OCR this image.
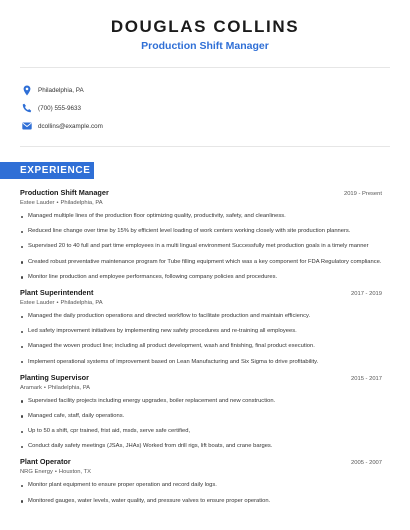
DOUGLAS COLLINS
Production Shift Manager
Philadelphia, PA
(700) 555-9633
dcollins@example.com
EXPERIENCE
Production Shift Manager	2019 - Present
Estee Lauder • Philadelphia, PA
Managed multiple lines of the production floor optimizing quality, productivity, safety, and cleanliness.
Reduced line change over time by 15% by efficient level loading of work centers working closely with site production planners.
Supervised 20 to 40 full and part time employees in a multi lingual environment Successfully met production goals in a timely manner
Created robust preventative maintenance program for Tube filling equipment which was a key component for FDA Regulatory compliance.
Monitor line production and employee performances, following company policies and procedures.
Plant Superintendent	2017 - 2019
Estee Lauder • Philadelphia, PA
Managed the daily production operations and directed workflow to facilitate production and maintain efficiency.
Led safety improvement initiatives by implementing new safety procedures and re-training all employees.
Managed the woven product line; including all product development, wash and finishing, final product execution.
Implement operational systems of improvement based on Lean Manufacturing and Six Sigma to drive profitability.
Planting Supervisor	2015 - 2017
Aramark • Philadelphia, PA
Supervised facility projects including energy upgrades, boiler replacement and new construction.
Managed cafe, staff, daily operations.
Up to 50 a shift, cpr trained, frist aid, msds, serve safe certified,
Conduct daily safety meetings (JSAs, JHAs) Worked from drill rigs, lift boats, and crane barges.
Plant Operator	2005 - 2007
NRG Energy • Houston, TX
Monitor plant equipment to ensure proper operation and record daily logs.
Monitored gauges, water levels, water quality, and pressure valves to ensure proper operation.
